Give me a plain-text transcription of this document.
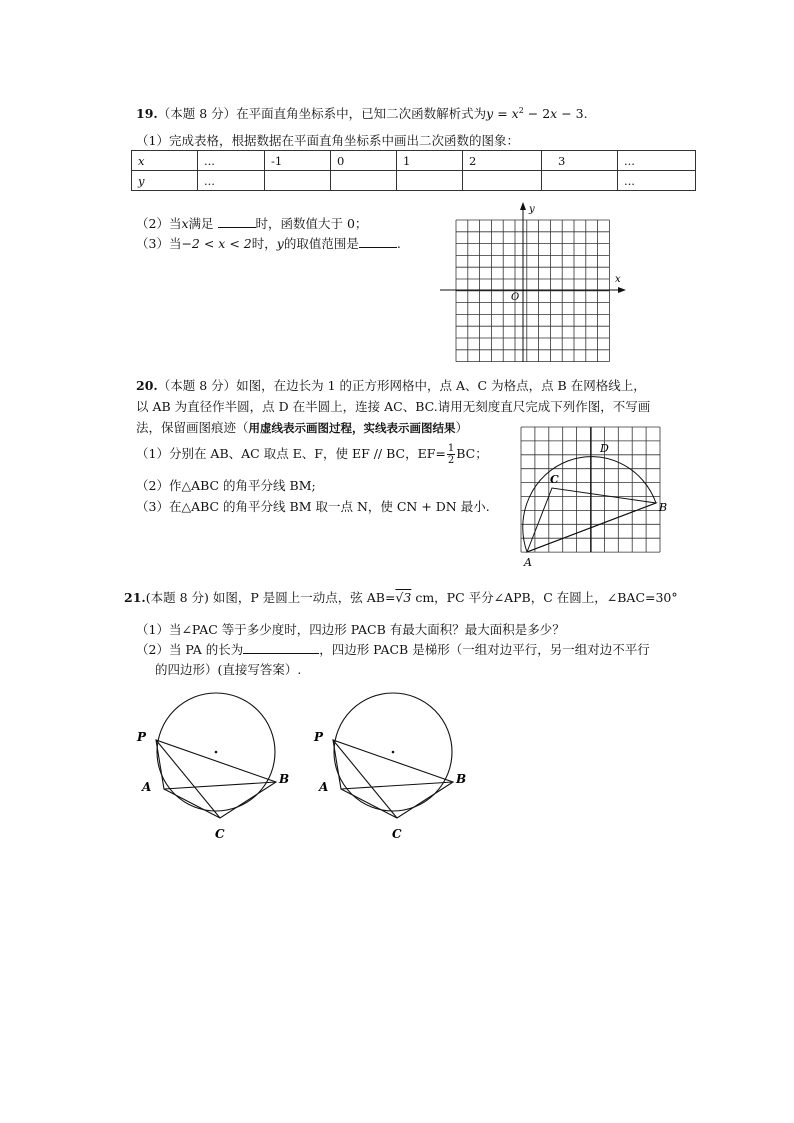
19.（本题 8 分）在平面直角坐标系中，已知二次函数解析式为$y = x^2 - 2x - 3$.
（1）完成表格，根据数据在平面直角坐标系中画出二次函数的图象：
x	...	-1	0	1	2	3	...
y	...						...
（2）当x满足	时，函数值大于 0；
（3）当−2 < x < 2时，y的取值范围是	.
x
y
O
20.（本题 8 分）如图，在边长为 1 的正方形网格中，点 A、C 为格点，点 B 在网格线上，
以 AB 为直径作半圆，点 D 在半圆上，连接 AC、BC.请用无刻度直尺完成下列作图，不写画
法，保留画图痕迹（用虚线表示画图过程，实线表示画图结果）
（1）分别在 AB、AC 取点 E、F，使 EF // BC，$EF= \frac{1}{2}$ BC；
（2）作△ABC 的角平分线 BM;
（3）在△ABC 的角平分线 BM 取一点 N，使 CN + DN 最小.
A
B
C
D
21.(本题 8 分) 如图，P 是圆上一动点，弦 AB=√3 cm，PC 平分∠APB，C 在圆上，∠BAC=30°
（1）当∠PAC 等于多少度时，四边形 PACB 有最大面积？最大面积是多少？
（2）当 PA 的长为	，四边形 PACB 是梯形（一组对边平行，另一组对边不平行
的四边形）(直接写答案）.
P
A
B
C
P
A
B
C
